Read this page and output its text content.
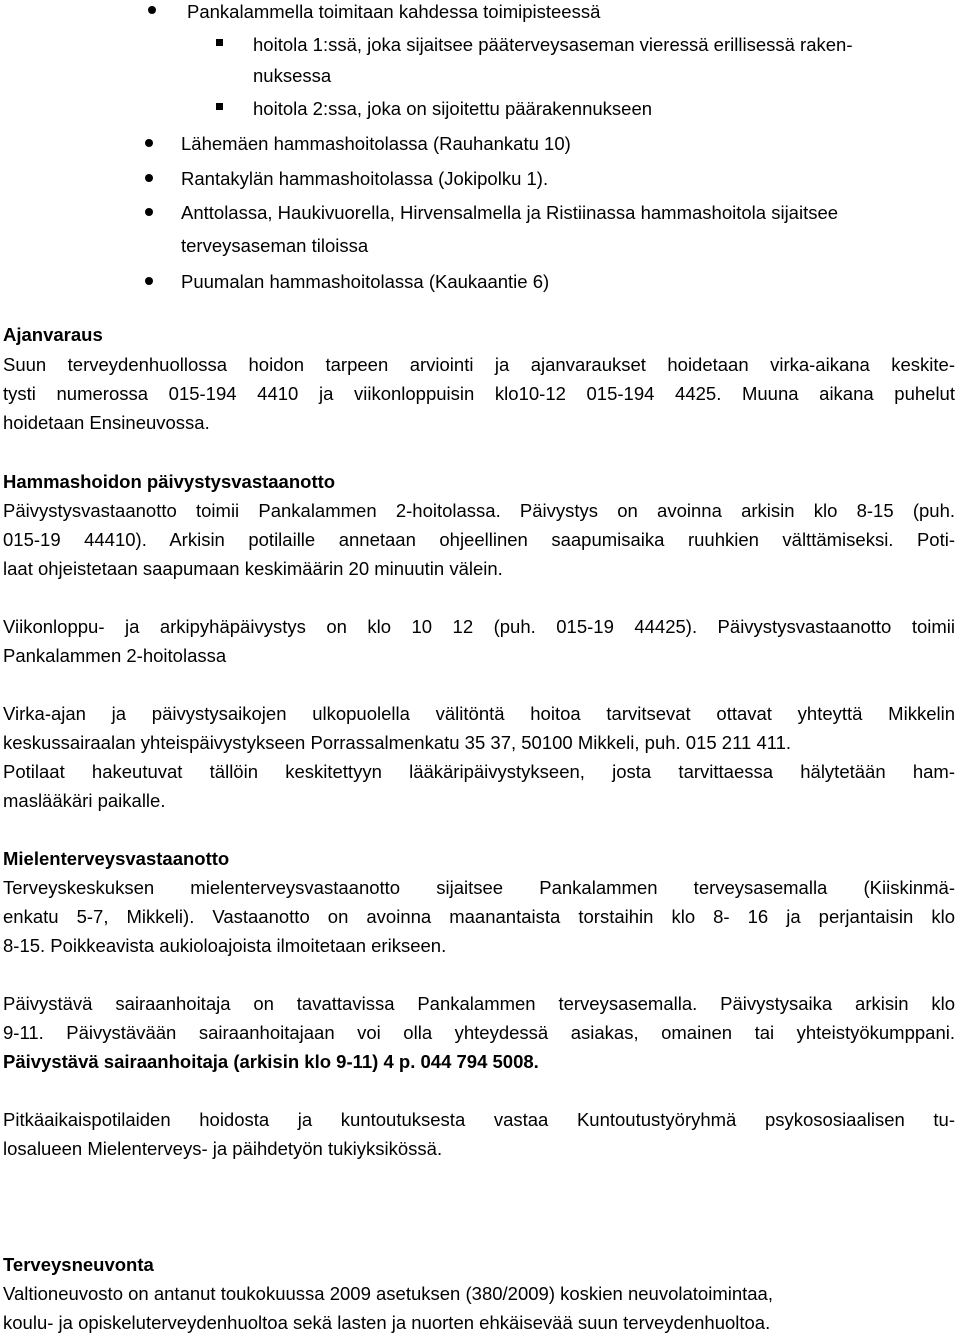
Pankalammella toimitaan kahdessa toimipisteessä
hoitola 1:ssä, joka sijaitsee pääterveysaseman vieressä erillisessä raken-
nuksessa
hoitola 2:ssa, joka on sijoitettu päärakennukseen
Lähemäen hammashoitolassa (Rauhankatu 10)
Rantakylän hammashoitolassa (Jokipolku 1).
Anttolassa, Haukivuorella, Hirvensalmella ja Ristiinassa hammashoitola sijaitsee
terveysaseman tiloissa
Puumalan hammashoitolassa (Kaukaantie 6)
Ajanvaraus
Suun terveydenhuollossa hoidon tarpeen arviointi ja ajanvaraukset hoidetaan virka-aikana keskite-
tysti numerossa 015-194 4410 ja viikonloppuisin klo10-12 015-194 4425. Muuna aikana puhelut
hoidetaan Ensineuvossa.
Hammashoidon päivystysvastaanotto
Päivystysvastaanotto toimii Pankalammen 2-hoitolassa. Päivystys on avoinna arkisin klo 8-15 (puh.
015-19 44410). Arkisin potilaille annetaan ohjeellinen saapumisaika ruuhkien välttämiseksi. Poti-
laat ohjeistetaan saapumaan keskimäärin 20 minuutin välein.
Viikonloppu- ja arkipyhäpäivystys on klo 10 12 (puh. 015-19 44425). Päivystysvastaanotto toimii
Pankalammen 2-hoitolassa
Virka-ajan ja päivystysaikojen ulkopuolella välitöntä hoitoa tarvitsevat ottavat yhteyttä Mikkelin
keskussairaalan yhteispäivystykseen Porrassalmenkatu 35 37, 50100 Mikkeli, puh. 015 211 411.
Potilaat hakeutuvat tällöin keskitettyyn lääkäripäivystykseen, josta tarvittaessa hälytetään ham-
maslääkäri paikalle.
Mielenterveysvastaanotto
Terveyskeskuksen mielenterveysvastaanotto sijaitsee Pankalammen terveysasemalla (Kiiskinmä-
enkatu 5-7, Mikkeli). Vastaanotto on avoinna maanantaista torstaihin klo 8- 16 ja perjantaisin klo
8-15. Poikkeavista aukioloajoista ilmoitetaan erikseen.
Päivystävä sairaanhoitaja on tavattavissa Pankalammen terveysasemalla. Päivystysaika arkisin klo
9-11. Päivystävään sairaanhoitajaan voi olla yhteydessä asiakas, omainen tai yhteistyökumppani.
Päivystävä sairaanhoitaja (arkisin klo 9-11) 4 p. 044 794 5008.
Pitkäaikaispotilaiden hoidosta ja kuntoutuksesta vastaa Kuntoutustyöryhmä psykososiaalisen tu-
losalueen Mielenterveys- ja päihdetyön tukiyksikössä.
Terveysneuvonta
Valtioneuvosto on antanut toukokuussa 2009 asetuksen (380/2009) koskien neuvolatoimintaa,
koulu- ja opiskeluterveydenhuoltoa sekä lasten ja nuorten ehkäisevää suun terveydenhuoltoa.
